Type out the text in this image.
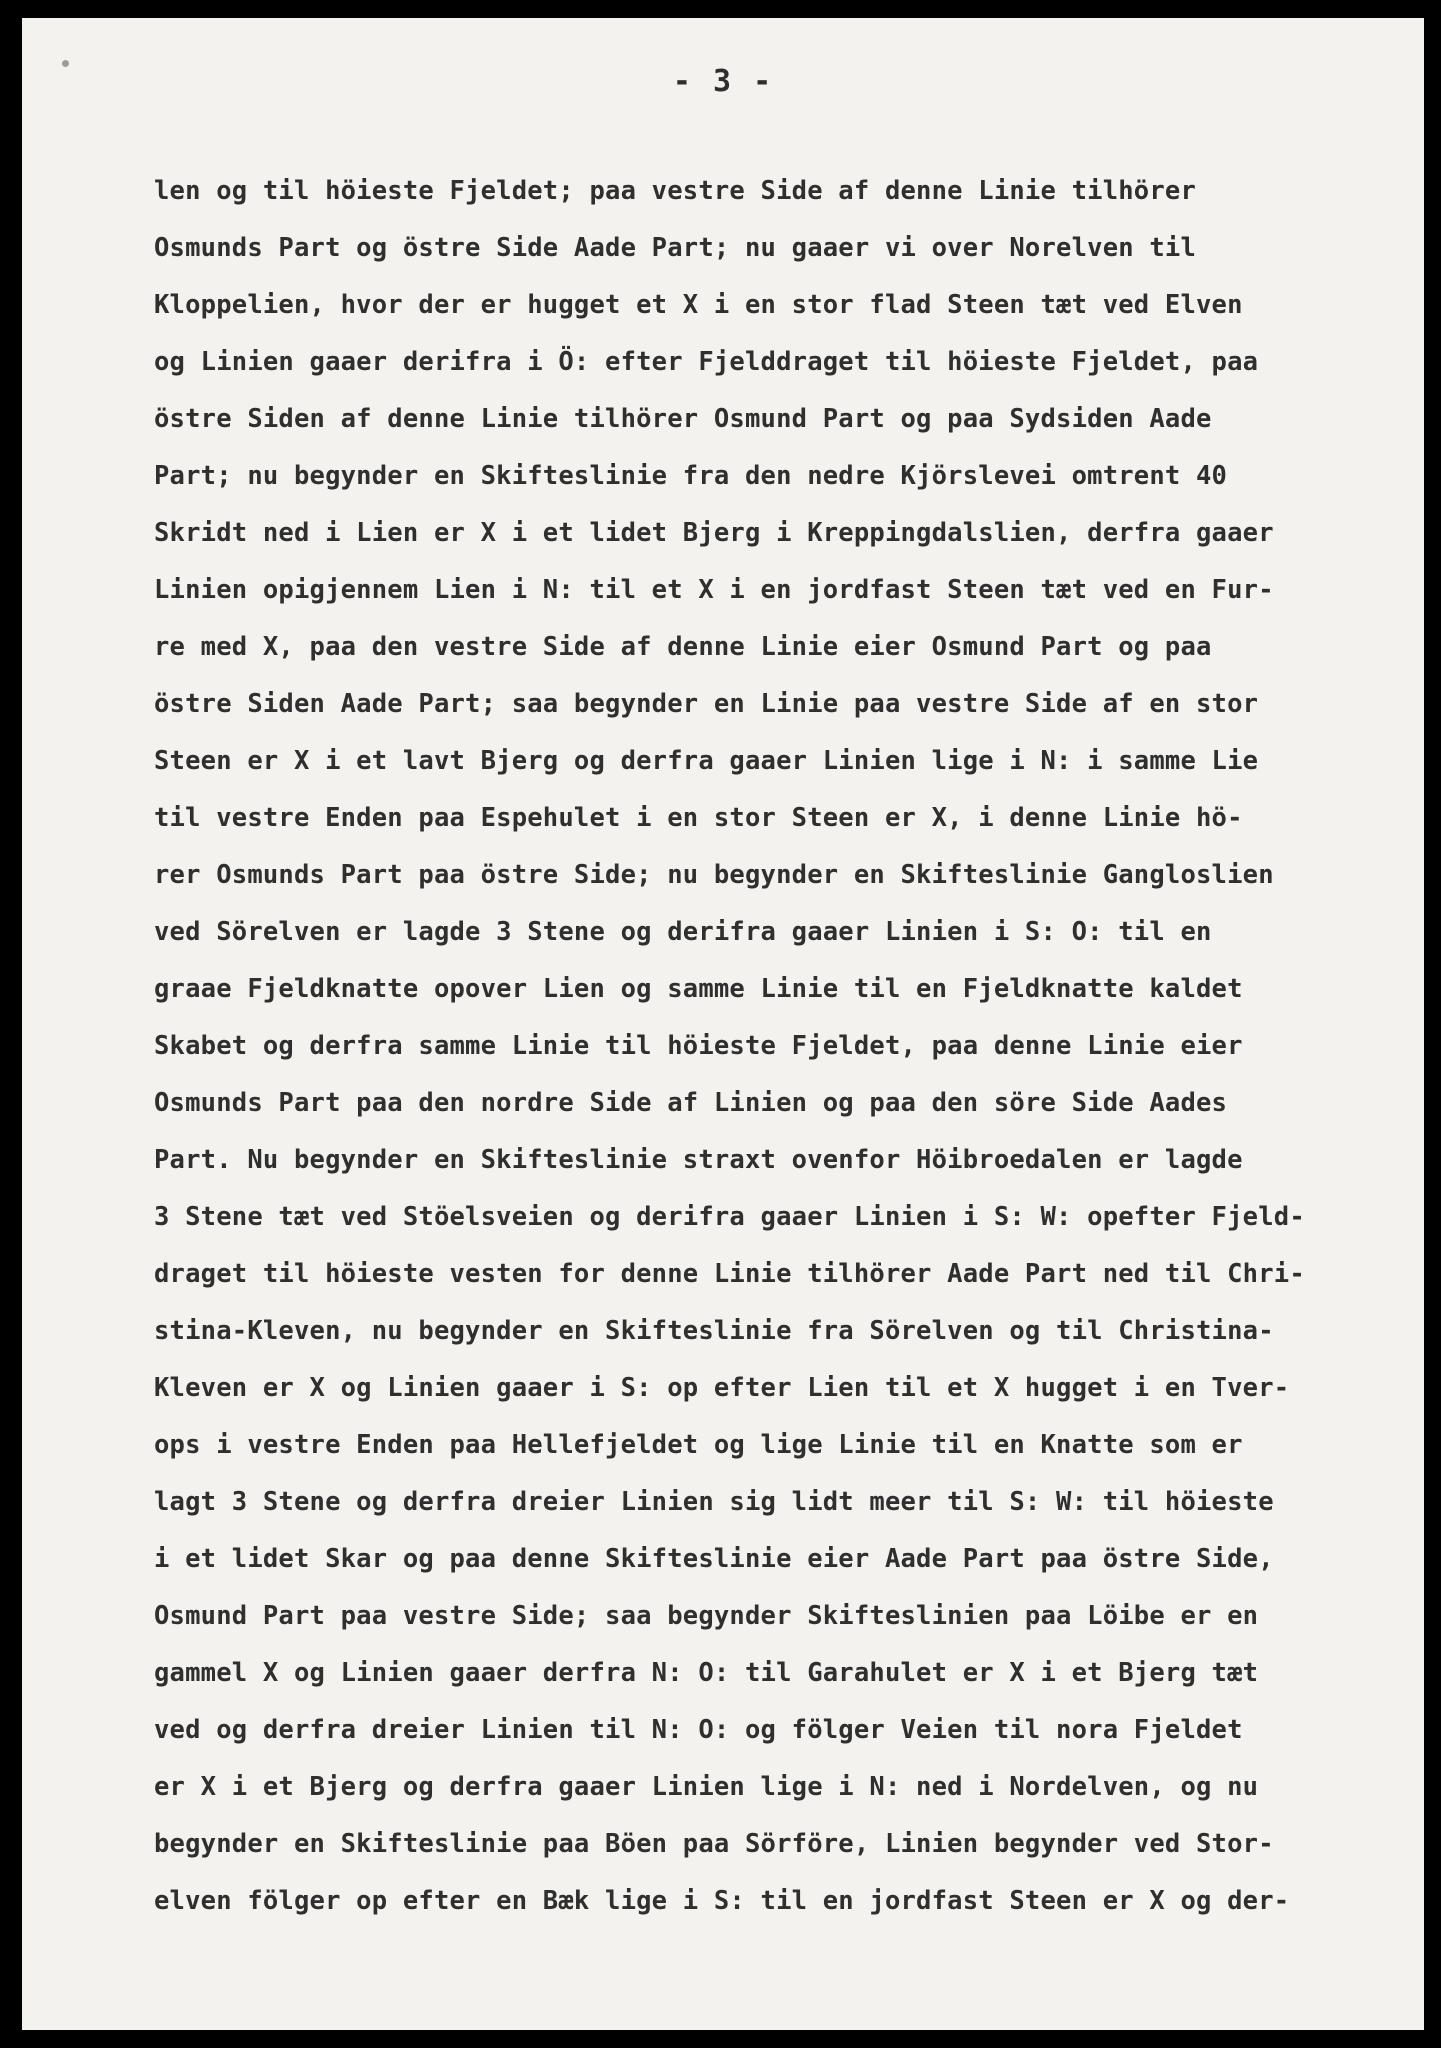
- 3 -
len og til höieste Fjeldet; paa vestre Side af denne Linie tilhörer
Osmunds Part og östre Side Aade Part; nu gaaer vi over Norelven til
Kloppelien, hvor der er hugget et X i en stor flad Steen tæt ved Elven
og Linien gaaer derifra i Ö: efter Fjelddraget til höieste Fjeldet, paa
östre Siden af denne Linie tilhörer Osmund Part og paa Sydsiden Aade
Part; nu begynder en Skifteslinie fra den nedre Kjörslevei omtrent 40
Skridt ned i Lien er X i et lidet Bjerg i Kreppingdalslien, derfra gaaer
Linien opigjennem Lien i N: til et X i en jordfast Steen tæt ved en Fur-
re med X, paa den vestre Side af denne Linie eier Osmund Part og paa
östre Siden Aade Part; saa begynder en Linie paa vestre Side af en stor
Steen er X i et lavt Bjerg og derfra gaaer Linien lige i N: i samme Lie
til vestre Enden paa Espehulet i en stor Steen er X, i denne Linie hö-
rer Osmunds Part paa östre Side; nu begynder en Skifteslinie Gangloslien
ved Sörelven er lagde 3 Stene og derifra gaaer Linien i S: O: til en
graae Fjeldknatte opover Lien og samme Linie til en Fjeldknatte kaldet
Skabet og derfra samme Linie til höieste Fjeldet, paa denne Linie eier
Osmunds Part paa den nordre Side af Linien og paa den söre Side Aades
Part. Nu begynder en Skifteslinie straxt ovenfor Höibroedalen er lagde
3 Stene tæt ved Stöelsveien og derifra gaaer Linien i S: W: opefter Fjeld-
draget til höieste vesten for denne Linie tilhörer Aade Part ned til Chri-
stina-Kleven, nu begynder en Skifteslinie fra Sörelven og til Christina-
Kleven er X og Linien gaaer i S: op efter Lien til et X hugget i en Tver-
ops i vestre Enden paa Hellefjeldet og lige Linie til en Knatte som er
lagt 3 Stene og derfra dreier Linien sig lidt meer til S: W: til höieste
i et lidet Skar og paa denne Skifteslinie eier Aade Part paa östre Side,
Osmund Part paa vestre Side; saa begynder Skifteslinien paa Löibe er en
gammel X og Linien gaaer derfra N: O: til Garahulet er X i et Bjerg tæt
ved og derfra dreier Linien til N: O: og fölger Veien til nora Fjeldet
er X i et Bjerg og derfra gaaer Linien lige i N: ned i Nordelven, og nu
begynder en Skifteslinie paa Böen paa Sörföre, Linien begynder ved Stor-
elven fölger op efter en Bæk lige i S: til en jordfast Steen er X og der-
